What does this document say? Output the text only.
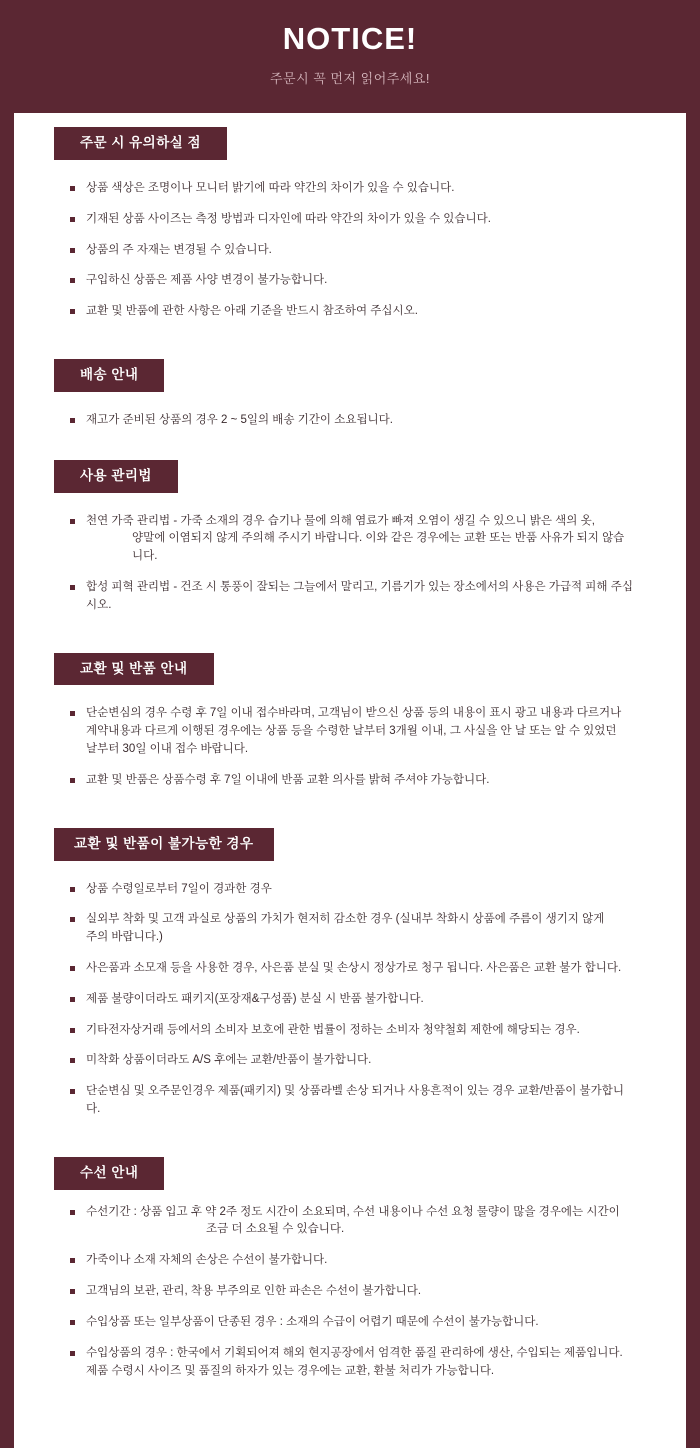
NOTICE!
주문시 꼭 먼저 읽어주세요!
주문 시 유의하실 점
상품 색상은 조명이나 모니터 밝기에 따라 약간의 차이가 있을 수 있습니다.
기재된 상품 사이즈는 측정 방법과 디자인에 따라 약간의 차이가 있을 수 있습니다.
상품의 주 자재는 변경될 수 있습니다.
구입하신 상품은 제품 사양 변경이 불가능합니다.
교환 및 반품에 관한 사항은 아래 기준을 반드시 참조하여 주십시오.
배송 안내
재고가 준비된 상품의 경우 2 ~ 5일의 배송 기간이 소요됩니다.
사용 관리법
천연 가죽 관리법 - 가죽 소재의 경우 습기나 물에 의해 염료가 빠져 오염이 생길 수 있으니 밝은 색의 옷,
양말에 이염되지 않게 주의해 주시기 바랍니다. 이와 같은 경우에는 교환 또는 반품 사유가 되지 않습니다.
합성 피혁 관리법 - 건조 시 통풍이 잘되는 그늘에서 말리고, 기름기가 있는 장소에서의 사용은 가급적 피해 주십시오.
교환 및 반품 안내
단순변심의 경우 수령 후 7일 이내 접수바라며, 고객님이 받으신 상품 등의 내용이 표시 광고 내용과 다르거나
계약내용과 다르게 이행된 경우에는 상품 등을 수령한 날부터 3개월 이내, 그 사실을 안 날 또는 알 수 있었던
날부터 30일 이내 접수 바랍니다.
교환 및 반품은 상품수령 후 7일 이내에 반품 교환 의사를 밝혀 주셔야 가능합니다.
교환 및 반품이 불가능한 경우
상품 수령일로부터 7일이 경과한 경우
실외부 착화 및 고객 과실로 상품의 가치가 현저히 감소한 경우 (실내부 착화시 상품에 주름이 생기지 않게
주의 바랍니다.)
사은품과 소모재 등을 사용한 경우, 사은품 분실 및 손상시 정상가로 청구 됩니다. 사은품은 교환 불가 합니다.
제품 불량이더라도 패키지(포장재&구성품) 분실 시 반품 불가합니다.
기타전자상거래 등에서의 소비자 보호에 관한 법률이 정하는 소비자 청약철회 제한에 해당되는 경우.
미착화 상품이더라도 A/S 후에는 교환/반품이 불가합니다.
단순변심 및 오주문인경우 제품(패키지) 및 상품라벨 손상 되거나 사용흔적이 있는 경우 교환/반품이 불가합니다.
수선 안내
수선기간 : 상품 입고 후 약 2주 정도 시간이 소요되며, 수선 내용이나 수선 요청 물량이 많을 경우에는 시간이
조금 더 소요될 수 있습니다.
가죽이나 소재 자체의 손상은 수선이 불가합니다.
고객님의 보관, 관리, 착용 부주의로 인한 파손은 수선이 불가합니다.
수입상품 또는 일부상품이 단종된 경우 : 소재의 수급이 어렵기 때문에 수선이 불가능합니다.
수입상품의 경우 : 한국에서 기획되어져 해외 현지공장에서 엄격한 품질 관리하에 생산, 수입되는 제품입니다.
제품 수령시 사이즈 및 품질의 하자가 있는 경우에는 교환, 환불 처리가 가능합니다.
